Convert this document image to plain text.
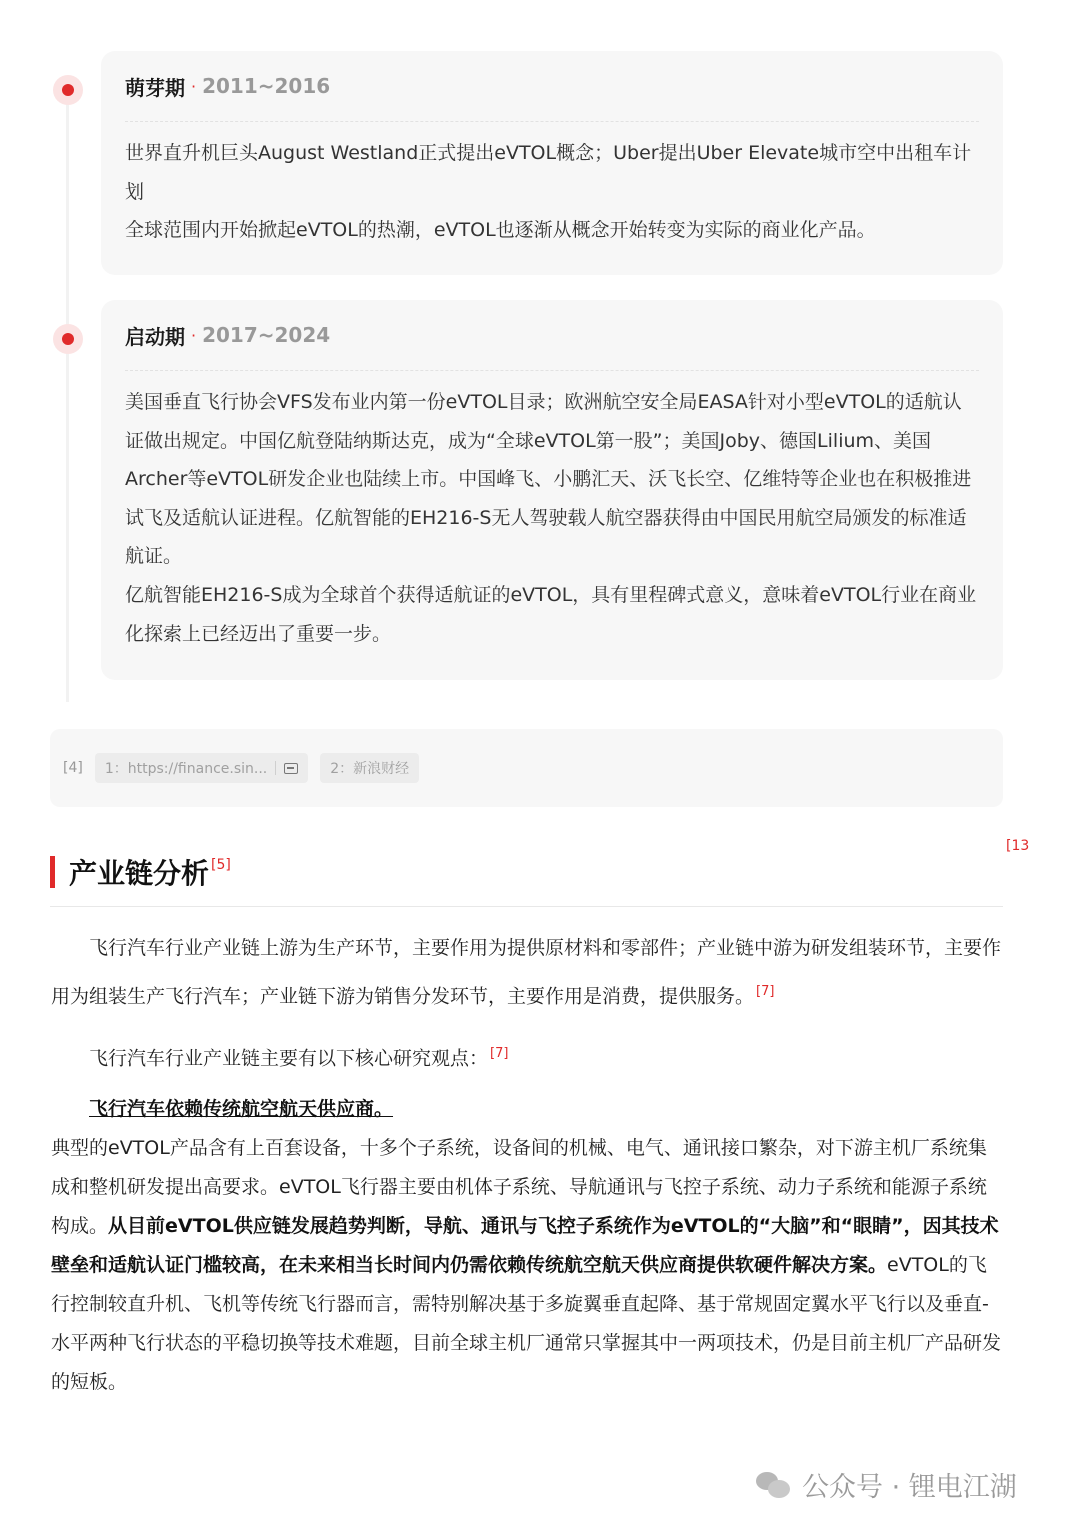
萌芽期 · 2011~2016

世界直升机巨头August Westland正式提出eVTOL概念；Uber提出Uber Elevate城市空中出租车计划

全球范围内开始掀起eVTOL的热潮，eVTOL也逐渐从概念开始转变为实际的商业化产品。

启动期 · 2017~2024

美国垂直飞行协会VFS发布业内第一份eVTOL目录；欧洲航空安全局EASA针对小型eVTOL的适航认证做出规定。中国亿航登陆纳斯达克，成为“全球eVTOL第一股”；美国Joby、德国Lilium、美国Archer等eVTOL研发企业也陆续上市。中国峰飞、小鹏汇天、沃飞长空、亿维特等企业也在积极推进试飞及适航认证进程。亿航智能的EH216-S无人驾驶载人航空器获得由中国民用航空局颁发的标准适航证。

亿航智能EH216-S成为全球首个获得适航证的eVTOL，具有里程碑式意义，意味着eVTOL行业在商业化探索上已经迈出了重要一步。

[4] 1：https://finance.sin...	2：新浪财经
产业链分析 [5]
[13
飞行汽车行业产业链上游为生产环节，主要作用为提供原材料和零部件；产业链中游为研发组装环节，主要作用为组装生产飞行汽车；产业链下游为销售分发环节，主要作用是消费，提供服务。 [7]
飞行汽车行业产业链主要有以下核心研究观点： [7]
飞行汽车依赖传统航空航天供应商。
典型的eVTOL产品含有上百套设备，十多个子系统，设备间的机械、电气、通讯接口繁杂，对下游主机厂系统集成和整机研发提出高要求。eVTOL飞行器主要由机体子系统、导航通讯与飞控子系统、动力子系统和能源子系统构成。从目前eVTOL供应链发展趋势判断，导航、通讯与飞控子系统作为eVTOL的“大脑”和“眼睛”，因其技术壁垒和适航认证门槛较高，在未来相当长时间内仍需依赖传统航空航天供应商提供软硬件解决方案。eVTOL的飞行控制较直升机、飞机等传统飞行器而言，需特别解决基于多旋翼垂直起降、基于常规固定翼水平飞行以及垂直-水平两种飞行状态的平稳切换等技术难题，目前全球主机厂通常只掌握其中一两项技术，仍是目前主机厂产品研发的短板。
公众号 · 锂电江湖
